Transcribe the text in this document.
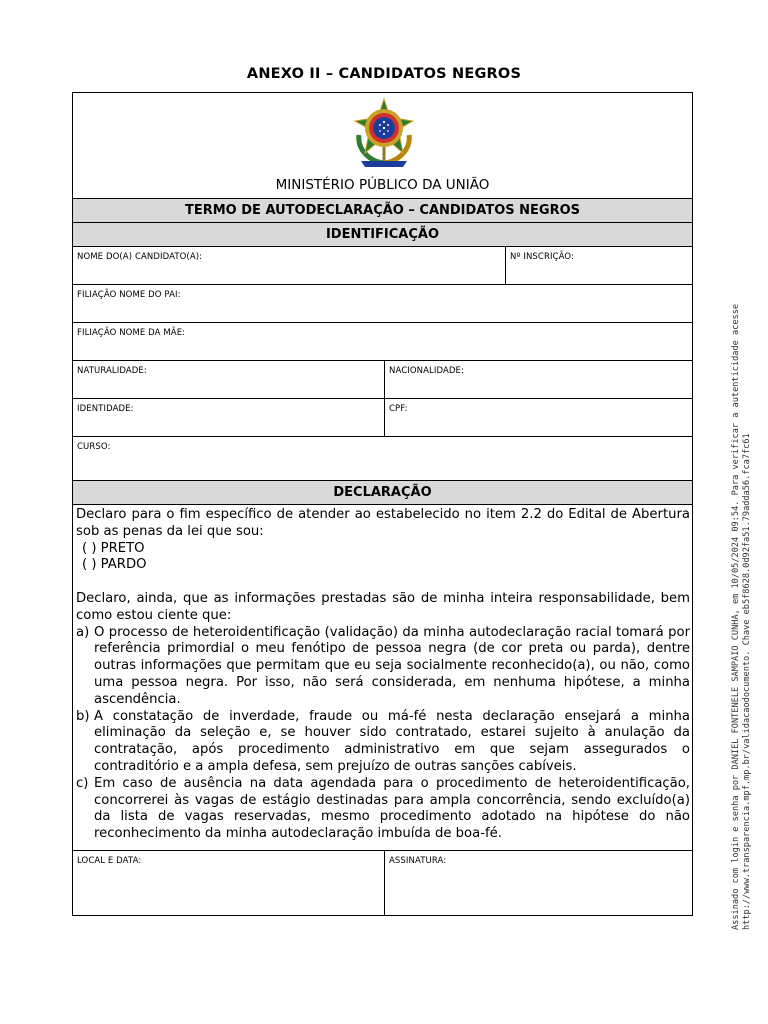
ANEXO II – CANDIDATOS NEGROS
MINISTÉRIO PÚBLICO DA UNIÃO
TERMO DE AUTODECLARAÇÃO – CANDIDATOS NEGROS
IDENTIFICAÇÃO
NOME DO(A) CANDIDATO(A):	Nº INSCRIÇÃO:
FILIAÇÃO NOME DO PAI:
FILIAÇÃO NOME DA MÃE:
NATURALIDADE:	NACIONALIDADE:
IDENTIDADE:	CPF:
CURSO:
DECLARAÇÃO

Declaro para o fim específico de atender ao estabelecido no item 2.2 do Edital de Abertura sob as penas da lei que sou:

( ) PRETO

( ) PARDO

Declaro, ainda, que as informações prestadas são de minha inteira responsabilidade, bem como estou ciente que:

a) O processo de heteroidentificação (validação) da minha autodeclaração racial tomará por referência primordial o meu fenótipo de pessoa negra (de cor preta ou parda), dentre outras informações que permitam que eu seja socialmente reconhecido(a), ou não, como uma pessoa negra. Por isso, não será considerada, em nenhuma hipótese, a minha ascendência.
b) A constatação de inverdade, fraude ou má-fé nesta declaração ensejará a minha eliminação da seleção e, se houver sido contratado, estarei sujeito à anulação da contratação, após procedimento administrativo em que sejam assegurados o contraditório e a ampla defesa, sem prejuízo de outras sanções cabíveis.
c) Em caso de ausência na data agendada para o procedimento de heteroidentificação, concorrerei às vagas de estágio destinadas para ampla concorrência, sendo excluído(a) da lista de vagas reservadas, mesmo procedimento adotado na hipótese do não reconhecimento da minha autodeclaração imbuída de boa-fé.
LOCAL E DATA:	ASSINATURA:	Assinado com login e senha por DANIEL FONTENELE SAMPAIO CUNHA, em 10/05/2024 09:54. Para verificar a autenticidade acesse http://www.transparencia.mpf.mp.br/validacaodocumento. Chave eb5f8628.0d92fa51.79adda56.fca7fc61
